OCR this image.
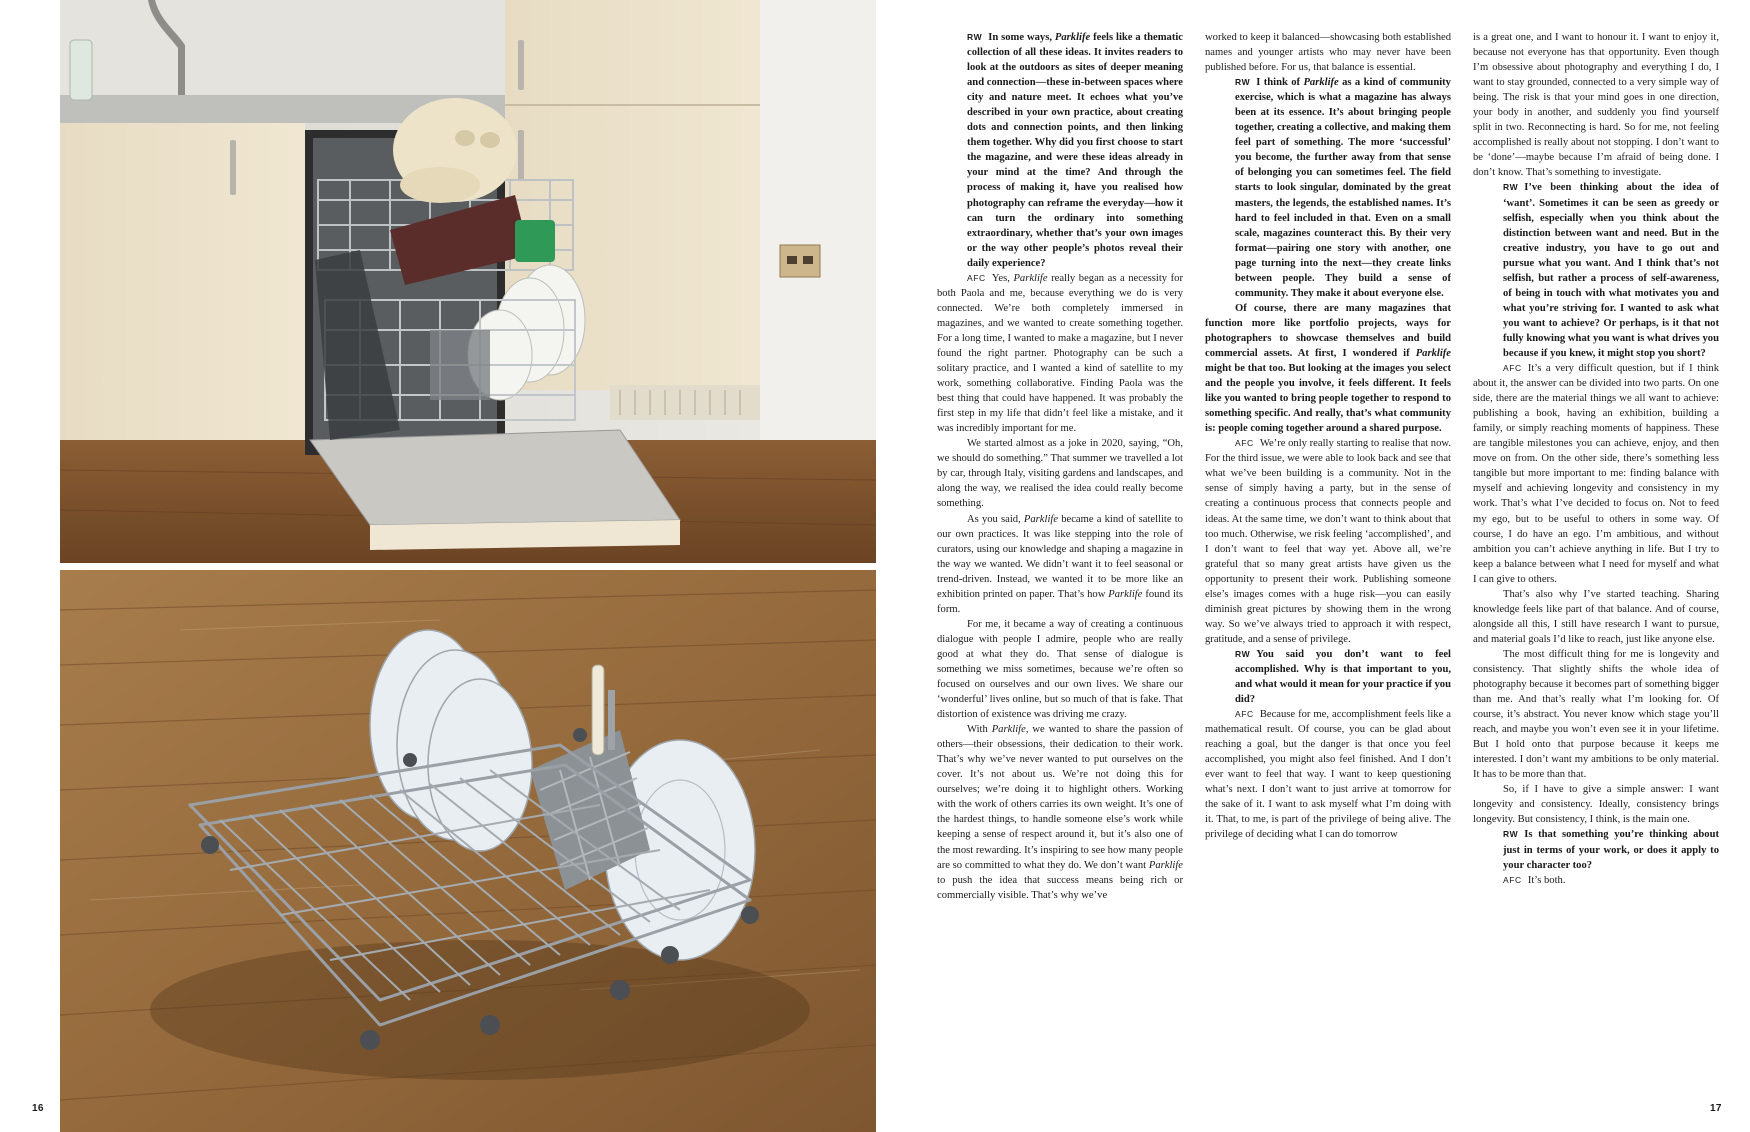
16	17

RW In some ways, Parklife feels like a thematic collection of all these ideas. It invites readers to look at the outdoors as sites of deeper meaning and connection—these in-between spaces where city and nature meet. It echoes what you’ve described in your own practice, about creating dots and connection points, and then linking them together. Why did you first choose to start the magazine, and were these ideas already in your mind at the time? And through the process of making it, have you realised how photography can reframe the everyday—how it can turn the ordinary into something extraordinary, whether that’s your own images or the way other people’s photos reveal their daily experience?

AFC Yes, Parklife really began as a necessity for both Paola and me, because everything we do is very connected. We’re both completely immersed in magazines, and we wanted to create something together. For a long time, I wanted to make a magazine, but I never found the right partner. Photography can be such a solitary practice, and I wanted a kind of satellite to my work, something collaborative. Finding Paola was the best thing that could have happened. It was probably the first step in my life that didn’t feel like a mistake, and it was incredibly important for me.

We started almost as a joke in 2020, saying, “Oh, we should do something.” That summer we travelled a lot by car, through Italy, visiting gardens and landscapes, and along the way, we realised the idea could really become something.

As you said, Parklife became a kind of satellite to our own practices. It was like stepping into the role of curators, using our knowledge and shaping a magazine in the way we wanted. We didn’t want it to feel seasonal or trend-driven. Instead, we wanted it to be more like an exhibition printed on paper. That’s how Parklife found its form.

For me, it became a way of creating a continuous dialogue with people I admire, people who are really good at what they do. That sense of dialogue is something we miss sometimes, because we’re often so focused on ourselves and our own lives. We share our ‘wonderful’ lives online, but so much of that is fake. That distortion of existence was driving me crazy.

With Parklife, we wanted to share the passion of others—their obsessions, their dedication to their work. That’s why we’ve never wanted to put ourselves on the cover. It’s not about us. We’re not doing this for ourselves; we’re doing it to highlight others. Working with the work of others carries its own weight. It’s one of the hardest things, to handle someone else’s work while keeping a sense of respect around it, but it’s also one of the most rewarding. It’s inspiring to see how many people are so committed to what they do. We don’t want Parklife to push the idea that success means being rich or commercially visible. That’s why we’ve

worked to keep it balanced—showcasing both established names and younger artists who may never have been published before. For us, that balance is essential.

RW I think of Parklife as a kind of community exercise, which is what a magazine has always been at its essence. It’s about bringing people together, creating a collective, and making them feel part of something. The more ‘successful’ you become, the further away from that sense of belonging you can sometimes feel. The field starts to look singular, dominated by the great masters, the legends, the established names. It’s hard to feel included in that. Even on a small scale, magazines counteract this. By their very format—pairing one story with another, one page turning into the next—they create links between people. They build a sense of community. They make it about everyone else.

Of course, there are many magazines that function more like portfolio projects, ways for photographers to showcase themselves and build commercial assets. At first, I wondered if Parklife might be that too. But looking at the images you select and the people you involve, it feels different. It feels like you wanted to bring people together to respond to something specific. And really, that’s what community is: people coming together around a shared purpose.

AFC We’re only really starting to realise that now. For the third issue, we were able to look back and see that what we’ve been building is a community. Not in the sense of simply having a party, but in the sense of creating a continuous process that connects people and ideas. At the same time, we don’t want to think about that too much. Otherwise, we risk feeling ‘accomplished’, and I don’t want to feel that way yet. Above all, we’re grateful that so many great artists have given us the opportunity to present their work. Publishing someone else’s images comes with a huge risk—you can easily diminish great pictures by showing them in the wrong way. So we’ve always tried to approach it with respect, gratitude, and a sense of privilege.

RW You said you don’t want to feel accomplished. Why is that important to you, and what would it mean for your practice if you did?

AFC Because for me, accomplishment feels like a mathematical result. Of course, you can be glad about reaching a goal, but the danger is that once you feel accomplished, you might also feel finished. And I don’t ever want to feel that way. I want to keep questioning what’s next. I don’t want to just arrive at tomorrow for the sake of it. I want to ask myself what I’m doing with it. That, to me, is part of the privilege of being alive. The privilege of deciding what I can do tomorrow

is a great one, and I want to honour it. I want to enjoy it, because not everyone has that opportunity. Even though I’m obsessive about photography and everything I do, I want to stay grounded, connected to a very simple way of being. The risk is that your mind goes in one direction, your body in another, and suddenly you find yourself split in two. Reconnecting is hard. So for me, not feeling accomplished is really about not stopping. I don’t want to be ‘done’—maybe because I’m afraid of being done. I don’t know. That’s something to investigate.

RW I’ve been thinking about the idea of ‘want’. Sometimes it can be seen as greedy or selfish, especially when you think about the distinction between want and need. But in the creative industry, you have to go out and pursue what you want. And I think that’s not selfish, but rather a process of self-awareness, of being in touch with what motivates you and what you’re striving for. I wanted to ask what you want to achieve? Or perhaps, is it that not fully knowing what you want is what drives you because if you knew, it might stop you short?

AFC It’s a very difficult question, but if I think about it, the answer can be divided into two parts. On one side, there are the material things we all want to achieve: publishing a book, having an exhibition, building a family, or simply reaching moments of happiness. These are tangible milestones you can achieve, enjoy, and then move on from. On the other side, there’s something less tangible but more important to me: finding balance with myself and achieving longevity and consistency in my work. That’s what I’ve decided to focus on. Not to feed my ego, but to be useful to others in some way. Of course, I do have an ego. I’m ambitious, and without ambition you can’t achieve anything in life. But I try to keep a balance between what I need for myself and what I can give to others.

That’s also why I’ve started teaching. Sharing knowledge feels like part of that balance. And of course, alongside all this, I still have research I want to pursue, and material goals I’d like to reach, just like anyone else.

The most difficult thing for me is longevity and consistency. That slightly shifts the whole idea of photography because it becomes part of something bigger than me. And that’s really what I’m looking for. Of course, it’s abstract. You never know which stage you’ll reach, and maybe you won’t even see it in your lifetime. But I hold onto that purpose because it keeps me interested. I don’t want my ambitions to be only material. It has to be more than that.

So, if I have to give a simple answer: I want longevity and consistency. Ideally, consistency brings longevity. But consistency, I think, is the main one.

RW Is that something you’re thinking about just in terms of your work, or does it apply to your character too?

AFC It’s both.
